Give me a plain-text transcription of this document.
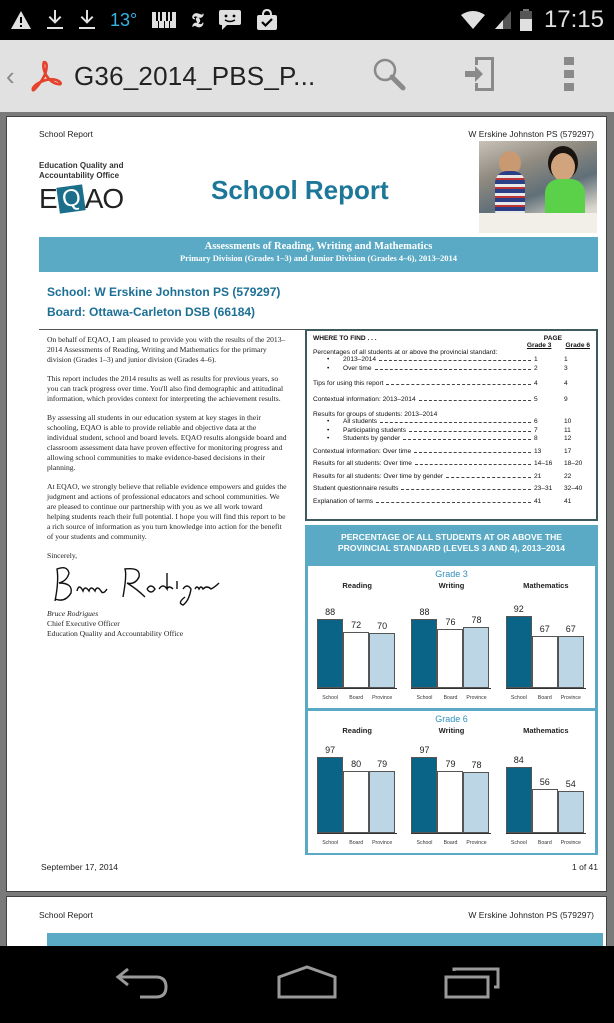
13°	𝕿	17:15
‹ G36_2014_PBS_P...
School Report	W Erskine Johnston PS (579297)
Education Quality and
Accountability Office
E Q AO	School Report
Assessments of Reading, Writing and Mathematics
Primary Division (Grades 1–3) and Junior Division (Grades 4–6), 2013–2014
School: W Erskine Johnston PS (579297)
Board: Ottawa-Carleton DSB (66184)

On behalf of EQAO, I am pleased to provide you with the results of the 2013–2014 Assessments of Reading, Writing and Mathematics for the primary division (Grades 1–3) and junior division (Grades 4–6).

This report includes the 2014 results as well as results for previous years, so you can track progress over time. You'll also find demographic and attitudinal information, which provides context for interpreting the achievement results.

By assessing all students in our education system at key stages in their schooling, EQAO is able to provide reliable and objective data at the individual student, school and board levels. EQAO results alongside board and classroom assessment data have proven effective for monitoring progress and allowing school communities to make evidence-based decisions in their planning.

At EQAO, we strongly believe that reliable evidence empowers and guides the judgment and actions of professional educators and school communities. We are pleased to continue our partnership with you as we all work toward helping students reach their full potential. I hope you will find this report to be a rich source of information as you turn knowledge into action for the benefit of your students and community.

Sincerely,
Bruce Rodrigues
Chief Executive Officer
Education Quality and Accountability Office
WHERE TO FIND . . .	PAGE
Grade 3 Grade 6
Percentages of all students at or above the provincial standard:
• 2013–2014	1	1
• Over time	2	3
Tips for using this report	4	4
Contextual information: 2013–2014	5	9
Results for groups of students: 2013–2014
• All students	6	10
• Participating students	7	11
• Students by gender	8	12
Contextual information: Over time	13	17
Results for all students: Over time	14–16	18–20
Results for all students: Over time by gender	21	22
Student questionnaire results	23–31	32–40
Explanation of terms	41	41
PERCENTAGE OF ALL STUDENTS AT OR ABOVE THE
PROVINCIAL STANDARD (LEVELS 3 AND 4), 2013–2014
Grade 3
Reading
88
72	70
School	Board	Province
Writing
88
76	78
School	Board	Province
Mathematics
92
67	67
School	Board	Province
Grade 6
Reading
97
80	79
School	Board	Province
Writing
97
79	78
School	Board	Province
Mathematics
84
56	54
School	Board	Province
September 17, 2014	1 of 41
School Report	W Erskine Johnston PS (579297)
